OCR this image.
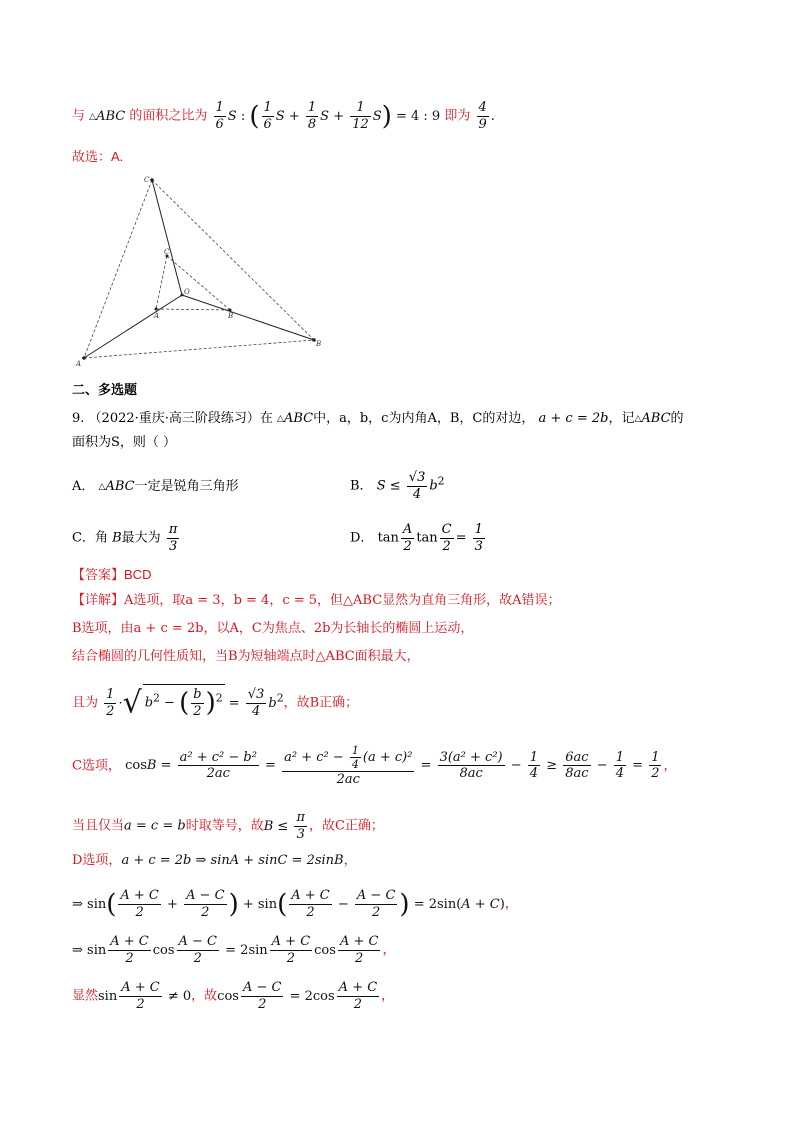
与 △ABC 的面积之比为 $\frac{1}{6}$ S : ( $\frac{1}{6}$ $S + \frac{1}{8}$ $S + \frac{1}{12} S) = 4$ : 9 即为 $\frac{4}{9}$ .
故选：A.
C
B
A
O
C
B
A
二、多选题
9. （2022·重庆·高三阶段练习）在 △ABC中，a，b，c为内角A，B，C的对边， a + c = 2b，记△ABC的
面积为S，则（ ）
A． △ABC一定是锐角三角形	B． $S \le \frac{√3}{4} b^2$
C．角 B最大为 $\frac{\pi}{3}$	D． $\tan \frac{A}{2}$ $\tan \frac{C}{2} = \frac{1}{3}$
【答案】BCD
【详解】A选项，取a = 3，b = 4，c = 5，但△ABC显然为直角三角形，故A错误；
B选项，由a + c = 2b，以A，C为焦点、2b为长轴长的椭圆上运动，
结合椭圆的几何性质知，当B为短轴端点时△ABC面积最大，
且为 $\frac{1}{2}$ ·√ $b^2$ − ( $\frac{b}{2} )^2 = \frac{√3}{4} b^2$，故B正确；
C选项， $\cos B = \frac{\text{a² + c² − b²}}{2ac} = \frac{a^2 + c^2 - \frac{1}{4} (a + c)^2}{2ac} = \frac{\text{3(a² + c²)}}{8ac} - \frac{1}{4} \ge \frac{6ac}{8ac} - \frac{1}{4} = \frac{1}{2}$ ，
当且仅当a = c = b时取等号，故$B \le \frac{\pi}{3}$ ，故C正确；
D选项，a + c = 2b ⇒ sinA + sinC = 2sinB，
⇒ $\sin( \frac{A + C}{2} + \frac{A - C}{2}$ ) + $\sin( \frac{A + C}{2} - \frac{A - C}{2}$ ) = 2sin(A + C)，
⇒ $\sin \frac{A + C}{2}$ $\cos \frac{A - C}{2} = 2\sin \frac{A + C}{2}$ $\cos \frac{A + C}{2}$ ，
显然$\sin \frac{A + C}{2} \ne 0$，故$\cos \frac{A - C}{2} = 2\cos \frac{A + C}{2}$ ，
